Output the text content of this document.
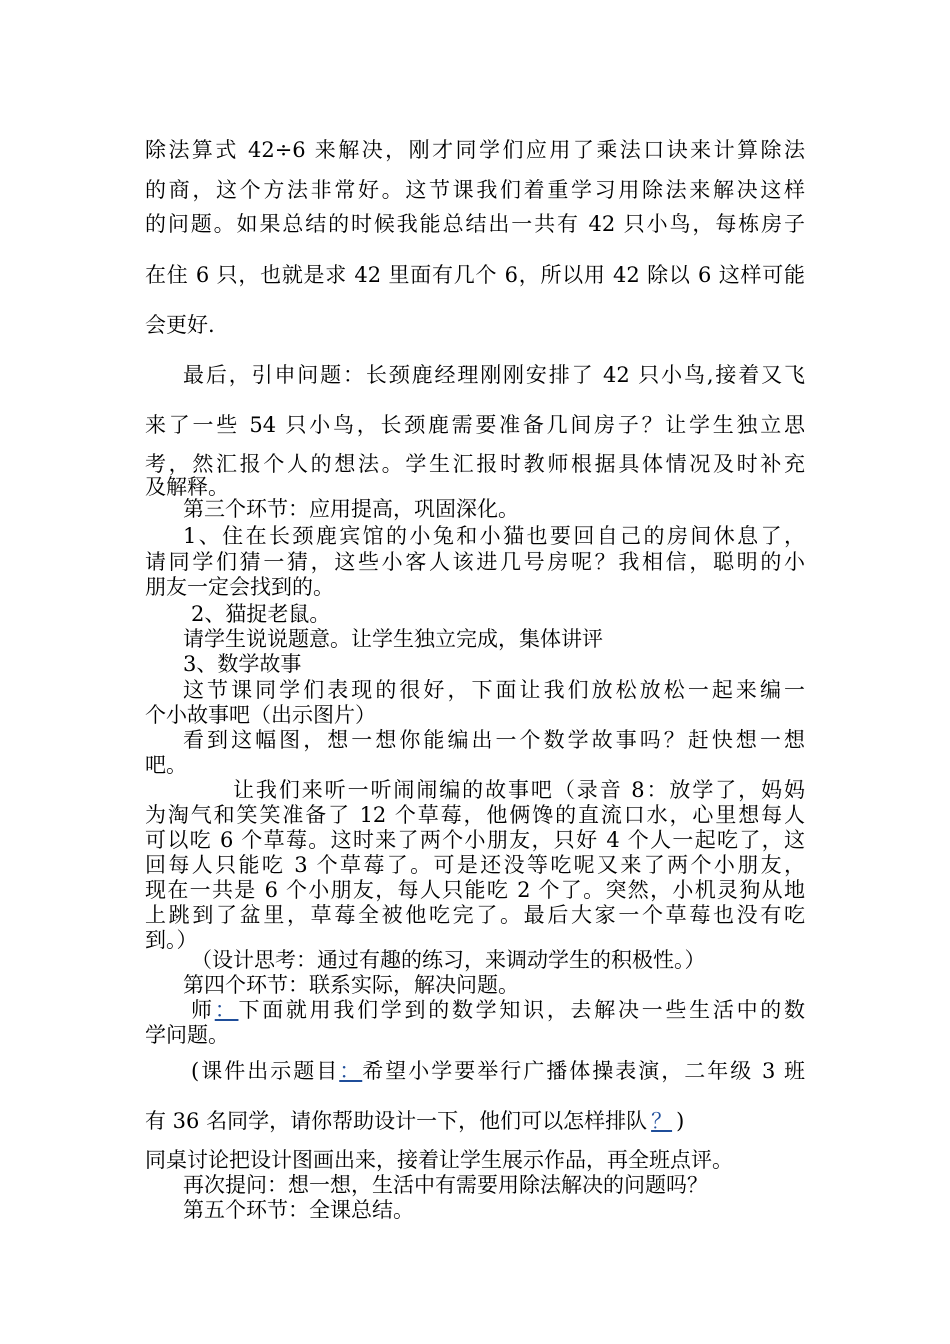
除法算式 42÷6 来解决，刚才同学们应用了乘法口诀来计算除法
的商，这个方法非常好。这节课我们着重学习用除法来解决这样
的问题。如果总结的时候我能总结出一共有 42 只小鸟，每栋房子
在住 6 只，也就是求 42 里面有几个 6，所以用 42 除以 6 这样可能
会更好.
最后，引申问题：长颈鹿经理刚刚安排了 42 只小鸟,接着又飞
来了一些 54 只小鸟，长颈鹿需要准备几间房子？让学生独立思
考，然汇报个人的想法。学生汇报时教师根据具体情况及时补充
及解释。
第三个环节：应用提高，巩固深化。
1、住在长颈鹿宾馆的小兔和小猫也要回自己的房间休息了，
请同学们猜一猜，这些小客人该进几号房呢？我相信，聪明的小
朋友一定会找到的。
2、猫捉老鼠。
请学生说说题意。让学生独立完成，集体讲评
3、数学故事
这节课同学们表现的很好，下面让我们放松放松一起来编一
个小故事吧（出示图片）
看到这幅图，想一想你能编出一个数学故事吗？赶快想一想
吧。
让我们来听一听闹闹编的故事吧（录音 8：放学了，妈妈
为淘气和笑笑准备了 12 个草莓，他俩馋的直流口水，心里想每人
可以吃 6 个草莓。这时来了两个小朋友，只好 4 个人一起吃了，这
回每人只能吃 3 个草莓了。可是还没等吃呢又来了两个小朋友，
现在一共是 6 个小朋友，每人只能吃 2 个了。突然，小机灵狗从地
上跳到了盆里，草莓全被他吃完了。最后大家一个草莓也没有吃
到。）
（设计思考：通过有趣的练习，来调动学生的积极性。）
第四个环节：联系实际，解决问题。
师：下面就用我们学到的数学知识，去解决一些生活中的数
学问题。
(课件出示题目：希望小学要举行广播体操表演，二年级 3 班
有 36 名同学，请你帮助设计一下，他们可以怎样排队 ？ )
同桌讨论把设计图画出来，接着让学生展示作品，再全班点评。
再次提问：想一想，生活中有需要用除法解决的问题吗？
第五个环节：全课总结。
